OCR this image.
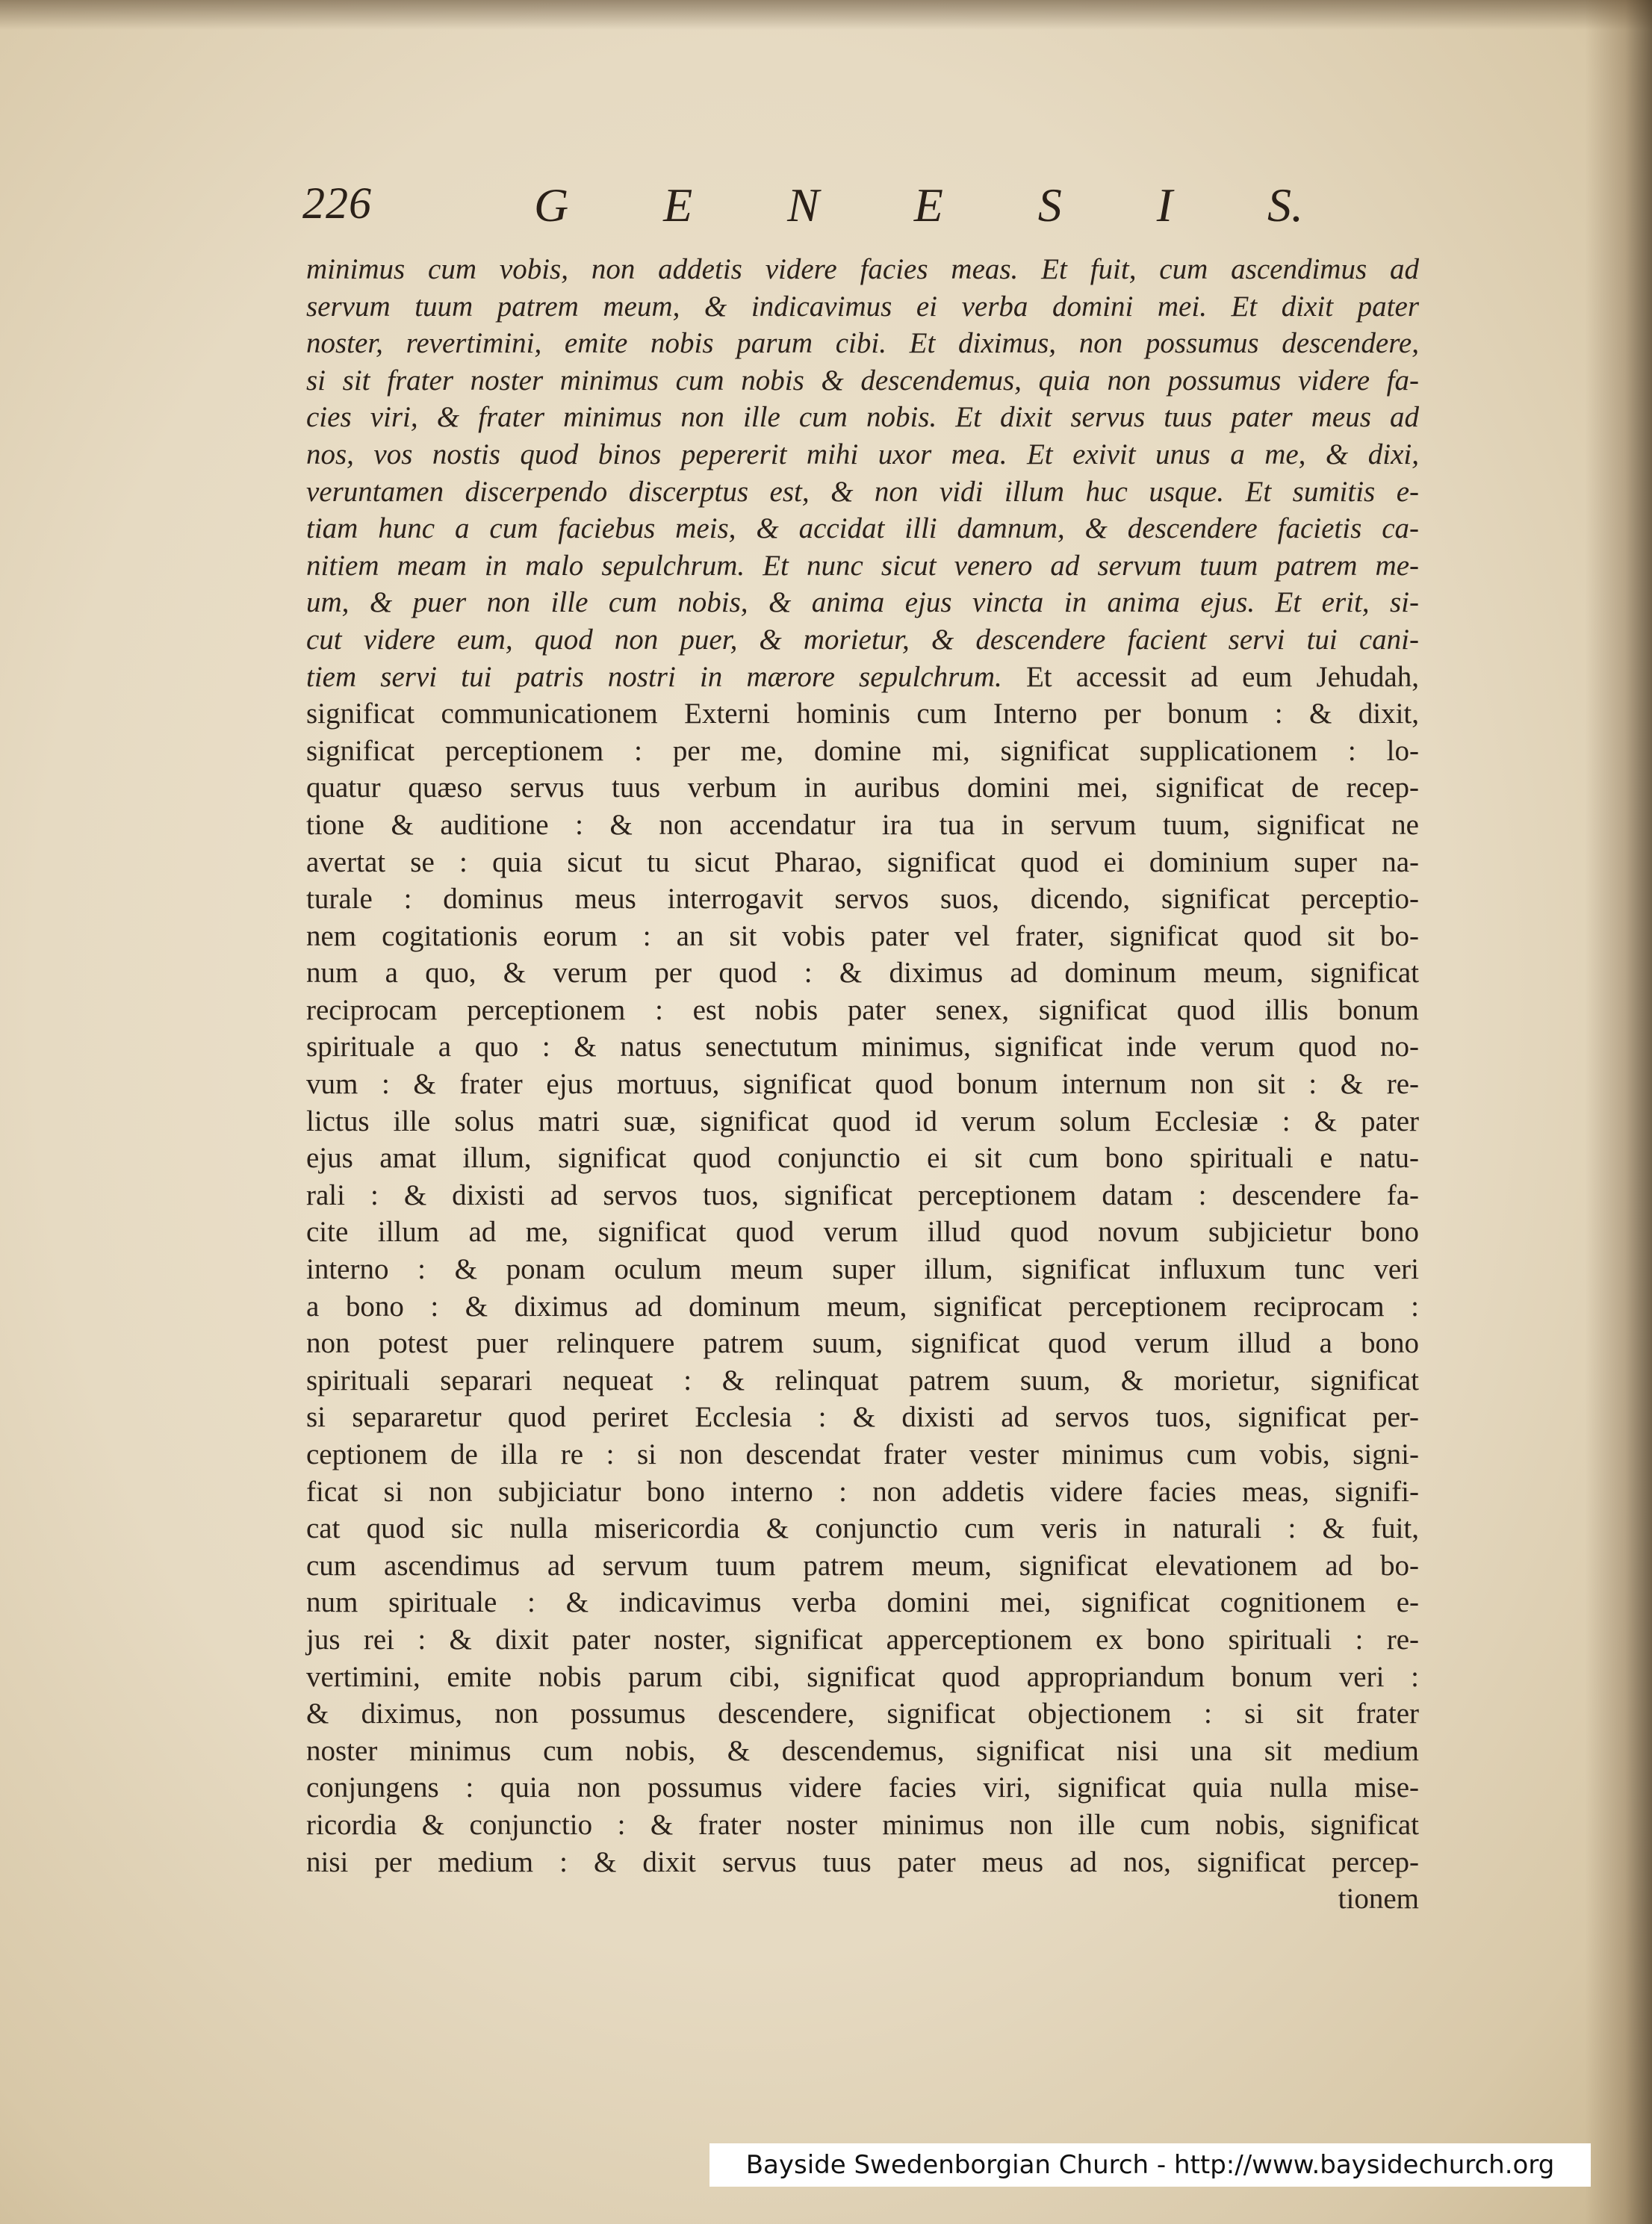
226	G E N E S I S.
minimus cum vobis, non addetis videre facies meas. Et fuit, cum ascendimus ad
servum tuum patrem meum, & indicavimus ei verba domini mei. Et dixit pater
noster, revertimini, emite nobis parum cibi. Et diximus, non possumus descendere,
si sit frater noster minimus cum nobis & descendemus, quia non possumus videre fa-
cies viri, & frater minimus non ille cum nobis. Et dixit servus tuus pater meus ad
nos, vos nostis quod binos pepererit mihi uxor mea. Et exivit unus a me, & dixi,
veruntamen discerpendo discerptus est, & non vidi illum huc usque. Et sumitis e-
tiam hunc a cum faciebus meis, & accidat illi damnum, & descendere facietis ca-
nitiem meam in malo sepulchrum. Et nunc sicut venero ad servum tuum patrem me-
um, & puer non ille cum nobis, & anima ejus vincta in anima ejus. Et erit, si-
cut videre eum, quod non puer, & morietur, & descendere facient servi tui cani-
tiem servi tui patris nostri in mærore sepulchrum. Et accessit ad eum Jehudah,
significat communicationem Externi hominis cum Interno per bonum : & dixit,
significat perceptionem : per me, domine mi, significat supplicationem : lo-
quatur quæso servus tuus verbum in auribus domini mei, significat de recep-
tione & auditione : & non accendatur ira tua in servum tuum, significat ne
avertat se : quia sicut tu sicut Pharao, significat quod ei dominium super na-
turale : dominus meus interrogavit servos suos, dicendo, significat perceptio-
nem cogitationis eorum : an sit vobis pater vel frater, significat quod sit bo-
num a quo, & verum per quod : & diximus ad dominum meum, significat
reciprocam perceptionem : est nobis pater senex, significat quod illis bonum
spirituale a quo : & natus senectutum minimus, significat inde verum quod no-
vum : & frater ejus mortuus, significat quod bonum internum non sit : & re-
lictus ille solus matri suæ, significat quod id verum solum Ecclesiæ : & pater
ejus amat illum, significat quod conjunctio ei sit cum bono spirituali e natu-
rali : & dixisti ad servos tuos, significat perceptionem datam : descendere fa-
cite illum ad me, significat quod verum illud quod novum subjicietur bono
interno : & ponam oculum meum super illum, significat influxum tunc veri
a bono : & diximus ad dominum meum, significat perceptionem reciprocam :
non potest puer relinquere patrem suum, significat quod verum illud a bono
spirituali separari nequeat : & relinquat patrem suum, & morietur, significat
si separaretur quod periret Ecclesia : & dixisti ad servos tuos, significat per-
ceptionem de illa re : si non descendat frater vester minimus cum vobis, signi-
ficat si non subjiciatur bono interno : non addetis videre facies meas, signifi-
cat quod sic nulla misericordia & conjunctio cum veris in naturali : & fuit,
cum ascendimus ad servum tuum patrem meum, significat elevationem ad bo-
num spirituale : & indicavimus verba domini mei, significat cognitionem e-
jus rei : & dixit pater noster, significat apperceptionem ex bono spirituali : re-
vertimini, emite nobis parum cibi, significat quod appropriandum bonum veri :
& diximus, non possumus descendere, significat objectionem : si sit frater
noster minimus cum nobis, & descendemus, significat nisi una sit medium
conjungens : quia non possumus videre facies viri, significat quia nulla mise-
ricordia & conjunctio : & frater noster minimus non ille cum nobis, significat
nisi per medium : & dixit servus tuus pater meus ad nos, significat percep-
tionem
Bayside Swedenborgian Church - http://www.baysidechurch.org
